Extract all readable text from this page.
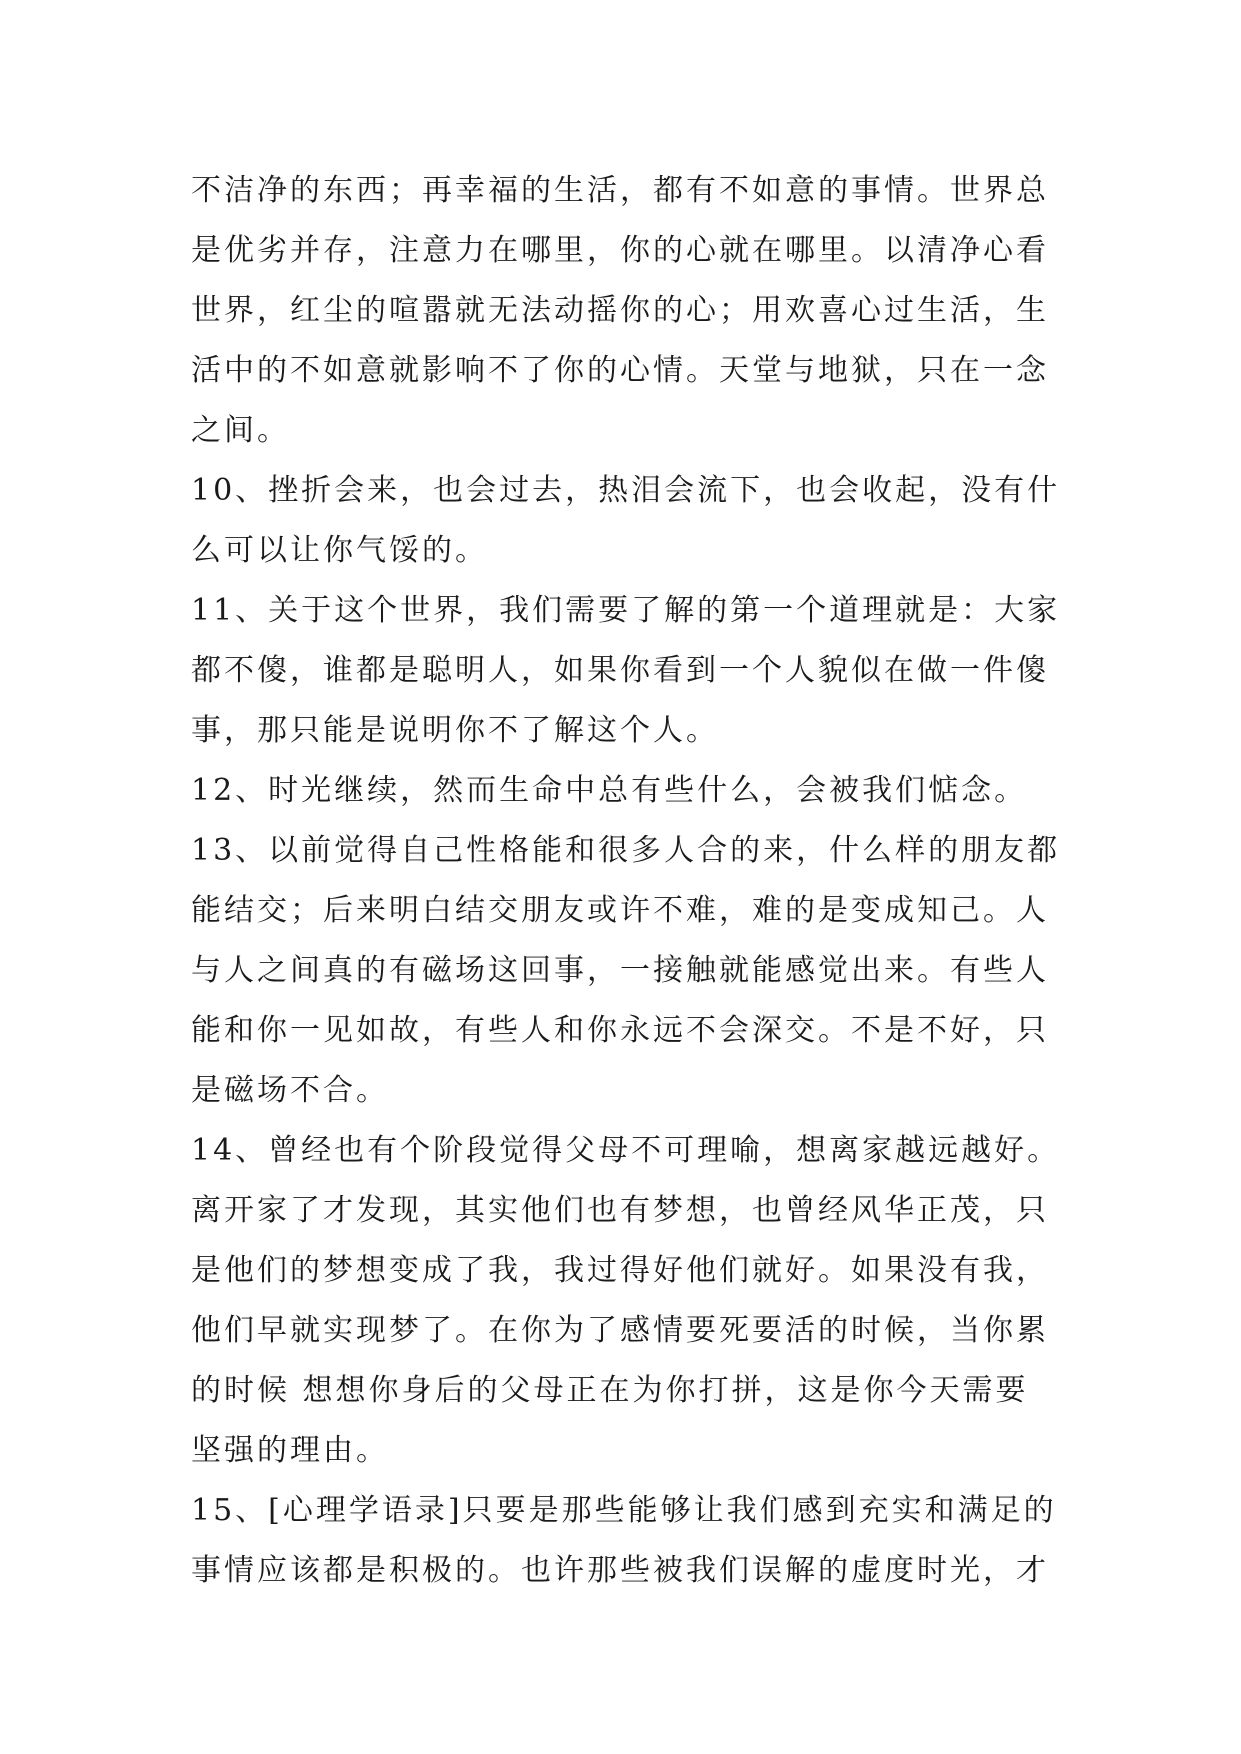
不洁净的东西；再幸福的生活，都有不如意的事情。世界总
是优劣并存，注意力在哪里，你的心就在哪里。以清净心看
世界，红尘的喧嚣就无法动摇你的心；用欢喜心过生活，生
活中的不如意就影响不了你的心情。天堂与地狱，只在一念
之间。
10、挫折会来，也会过去，热泪会流下，也会收起，没有什
么可以让你气馁的。
11、关于这个世界，我们需要了解的第一个道理就是：大家
都不傻，谁都是聪明人，如果你看到一个人貌似在做一件傻
事，那只能是说明你不了解这个人。
12、时光继续，然而生命中总有些什么，会被我们惦念。
13、以前觉得自己性格能和很多人合的来，什么样的朋友都
能结交；后来明白结交朋友或许不难，难的是变成知己。人
与人之间真的有磁场这回事，一接触就能感觉出来。有些人
能和你一见如故，有些人和你永远不会深交。不是不好，只
是磁场不合。
14、曾经也有个阶段觉得父母不可理喻，想离家越远越好。
离开家了才发现，其实他们也有梦想，也曾经风华正茂，只
是他们的梦想变成了我，我过得好他们就好。如果没有我，
他们早就实现梦了。在你为了感情要死要活的时候，当你累
的时候 想想你身后的父母正在为你打拼，这是你今天需要
坚强的理由。
15、[心理学语录]只要是那些能够让我们感到充实和满足的
事情应该都是积极的。也许那些被我们误解的虚度时光，才
